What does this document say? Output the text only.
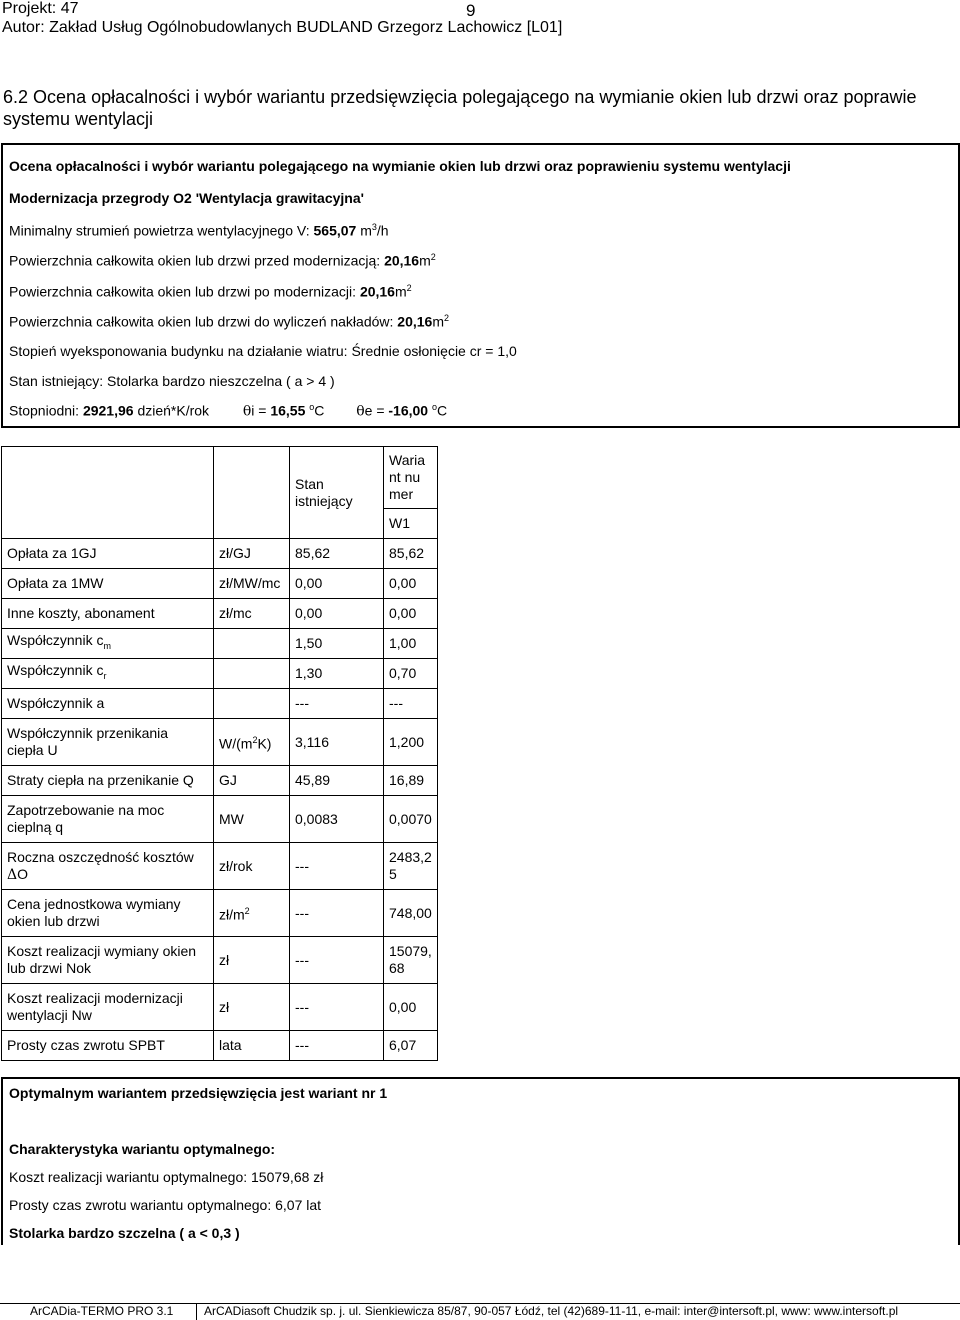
Projekt: 47	9
Autor: Zakład Usług Ogólnobudowlanych BUDLAND Grzegorz Lachowicz [L01]
6.2 Ocena opłacalności i wybór wariantu przedsięwzięcia polegającego na wymianie okien lub drzwi oraz poprawie systemu wentylacji
Ocena opłacalności i wybór wariantu polegającego na wymianie okien lub drzwi oraz poprawieniu systemu wentylacji
Modernizacja przegrody O2 'Wentylacja grawitacyjna'
Minimalny strumień powietrza wentylacyjnego V: 565,07 $m^3/h$
Powierzchnia całkowita okien lub drzwi przed modernizacją: $20,16m^2$
Powierzchnia całkowita okien lub drzwi po modernizacji: $20,16m^2$
Powierzchnia całkowita okien lub drzwi do wyliczeń nakładów: $20,16m^2$
Stopień wyeksponowania budynku na działanie wiatru: Średnie osłonięcie cr = 1,0
Stan istniejący: Stolarka bardzo nieszczelna ( a > 4 )
Stopniodni: 2921,96 dzień*K/rok θi = 16,55 $^o$C θe = -16,00 $^o$C

		Stan istniejący	Wariant numer

			W1
Opłata za 1GJ	zł/GJ	85,62	85,62
Opłata za 1MW	zł/MW/mc	0,00	0,00
Inne koszty, abonament	zł/mc	0,00	0,00
Współczynnik $c_m$		1,50	1,00
Współczynnik $c_r$		1,30	0,70
Współczynnik a		---	---
Współczynnik przenikania ciepła U	$W/(m^2K)$	3,116	1,200
Straty ciepła na przenikanie Q	GJ	45,89	16,89
Zapotrzebowanie na moc cieplną q	MW	0,0083	0,0070
Roczna oszczędność kosztów ΔO	zł/rok	---	2483,25

Cena jednostkowa wymiany okien lub drzwi	$zł/m^2$	---	748,00
Koszt realizacji wymiany okien lub drzwi Nok	zł	---	15079,68

Koszt realizacji modernizacji wentylacji Nw	zł	---	0,00
Prosty czas zwrotu SPBT	lata	---	6,07
Optymalnym wariantem przedsięwzięcia jest wariant nr 1
Charakterystyka wariantu optymalnego:
Koszt realizacji wariantu optymalnego: 15079,68 zł
Prosty czas zwrotu wariantu optymalnego: 6,07 lat
Stolarka bardzo szczelna ( a < 0,3 )
ArCADia-TERMO PRO 3.1	ArCADiasoft Chudzik sp. j. ul. Sienkiewicza 85/87, 90-057 Łódź, tel (42)689-11-11, e-mail: inter@intersoft.pl, www: www.intersoft.pl
